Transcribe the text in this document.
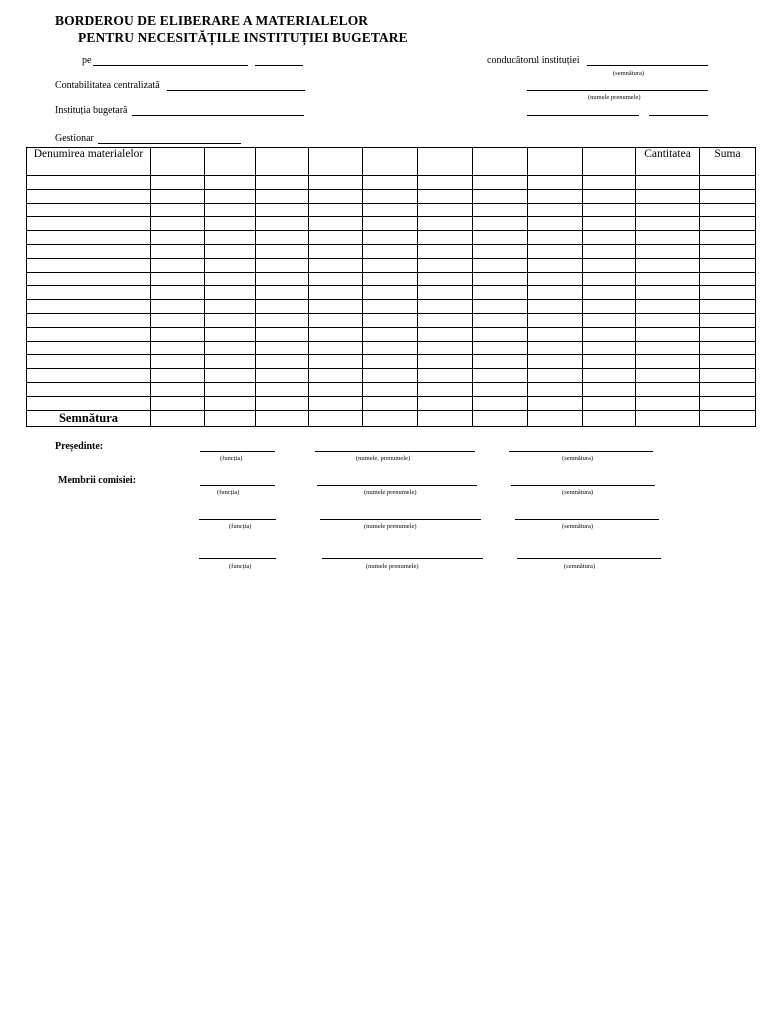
BORDEROU DE ELIBERARE A MATERIALELOR
PENTRU NECESITĂȚILE INSTITUȚIEI BUGETARE
pe	conducătorul instituției
(semnătura)
Contabilitatea centralizată
(numele prenumele)
Instituția bugetară
Gestionar
Denumirea materialelor										Cantitatea	Suma

Semnătura											
Președinte:
(funcția)	(numele, prenumele)	(semnătura)
Membrii comisiei:
(funcția)	(numele prenumele)	(semnătura)
(funcția)	(numele prenumele)	(semnătura)
(funcția)	(numele prenumele)	(semnătura)
